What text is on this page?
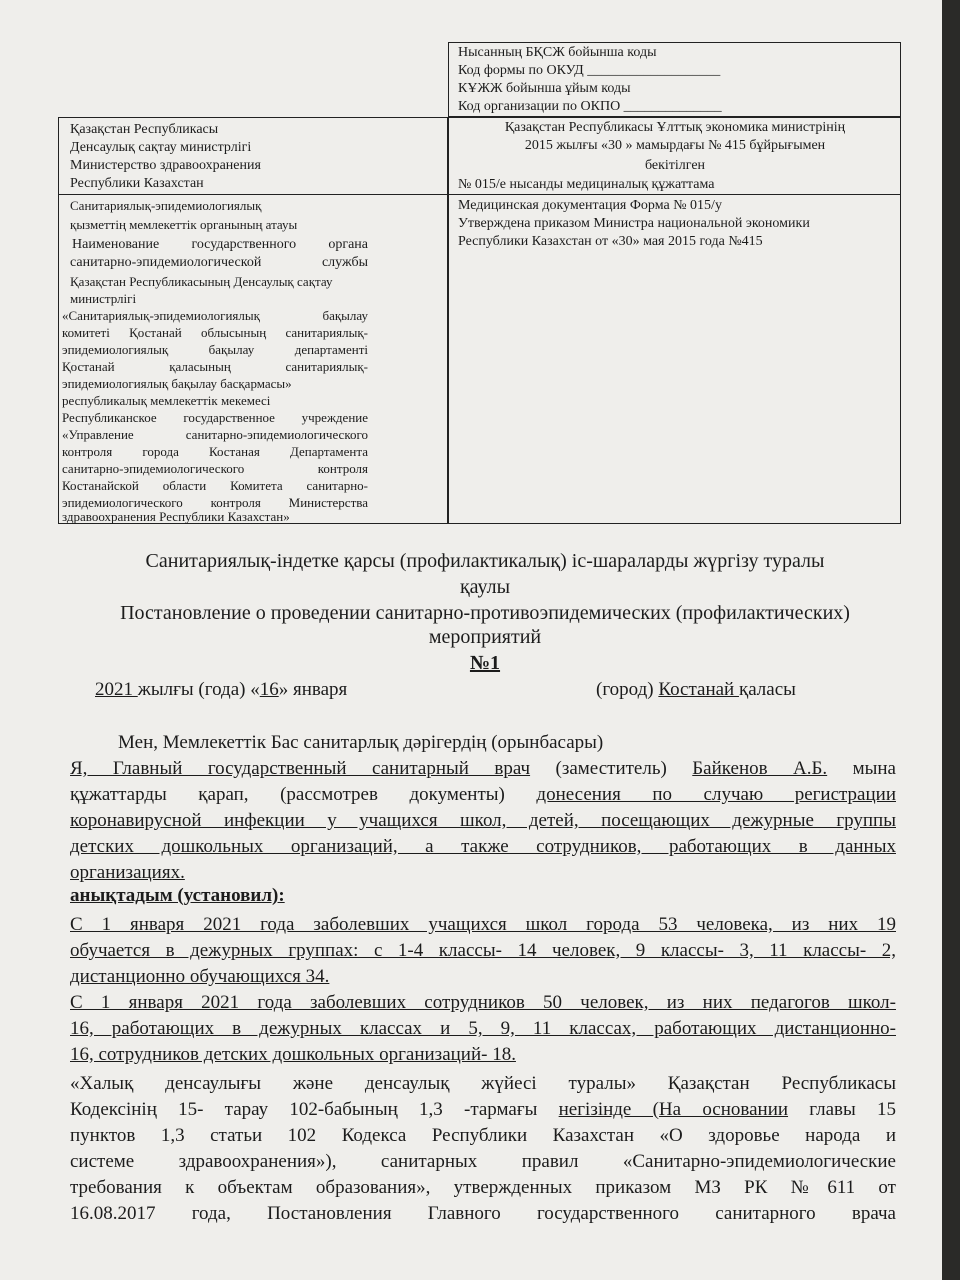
Нысанның БҚСЖ бойынша коды
Код формы по ОКУД ___________________
КҰЖЖ бойынша ұйым коды
Код организации по ОКПО ______________
Қазақстан Республикасы
Денсаулық сақтау министрлігі
Министерство здравоохранения
Республики Казахстан
Қазақстан Республикасы Ұлттық экономика министрінің
2015 жылғы «30 » мамырдағы № 415 бұйрығымен
бекітілген
№ 015/е нысанды медициналық құжаттама
Санитариялық-эпидемиологиялық
қызметтің мемлекеттік органының атауы
Наименование государственного органа
санитарно-эпидемиологической службы
Қазақстан Республикасының Денсаулық сақтау
министрлігі
«Санитариялық-эпидемиологиялық бақылау
комитеті Қостанай облысының санитариялық-
эпидемиологиялық бақылау департаменті
Қостанай қаласының санитариялық-
эпидемиологиялық бақылау басқармасы»
республикалық мемлекеттік мекемесі
Республиканское государственное учреждение
«Управление санитарно-эпидемиологического
контроля города Костаная Департамента
санитарно-эпидемиологического контроля
Костанайской области Комитета санитарно-
эпидемиологического контроля Министерства
здравоохранения Республики Казахстан»
Медицинская документация Форма № 015/у
Утверждена приказом Министра национальной экономики
Республики Казахстан от «30» мая 2015 года №415
Санитариялық-індетке қарсы (профилактикалық) іс-шараларды жүргізу туралы
қаулы
Постановление о проведении санитарно-противоэпидемических (профилактических)
мероприятий
№1
2021 жылғы (года) «16» января	(город) Костанай қаласы
Мен, Мемлекеттік Бас санитарлық дәрігердің (орынбасары)
Я, Главный государственный санитарный врач (заместитель) Байкенов А.Б. мына
құжаттарды қарап, (рассмотрев документы) донесения по случаю регистрации
коронавирусной инфекции у учащихся школ, детей, посещающих дежурные группы
детских дошкольных организаций, а также сотрудников, работающих в данных
организациях.
анықтадым (установил):
С 1 января 2021 года заболевших учащихся школ города 53 человека, из них 19
обучается в дежурных группах: с 1-4 классы- 14 человек, 9 классы- 3, 11 классы- 2,
дистанционно обучающихся 34.
С 1 января 2021 года заболевших сотрудников 50 человек, из них педагогов школ-
16, работающих в дежурных классах и 5, 9, 11 классах, работающих дистанционно-
16, сотрудников детских дошкольных организаций- 18.
«Халық денсаулығы және денсаулық жүйесі туралы» Қазақстан Республикасы
Кодексінің 15- тарау 102-бабының 1,3 -тармағы негізінде (На основании главы 15
пунктов 1,3 статьи 102 Кодекса Республики Казахстан «О здоровье народа и
системе здравоохранения»), санитарных правил «Санитарно-эпидемиологические
требования к объектам образования», утвержденных приказом МЗ РК №611 от
16.08.2017 года, Постановления Главного государственного санитарного врача
